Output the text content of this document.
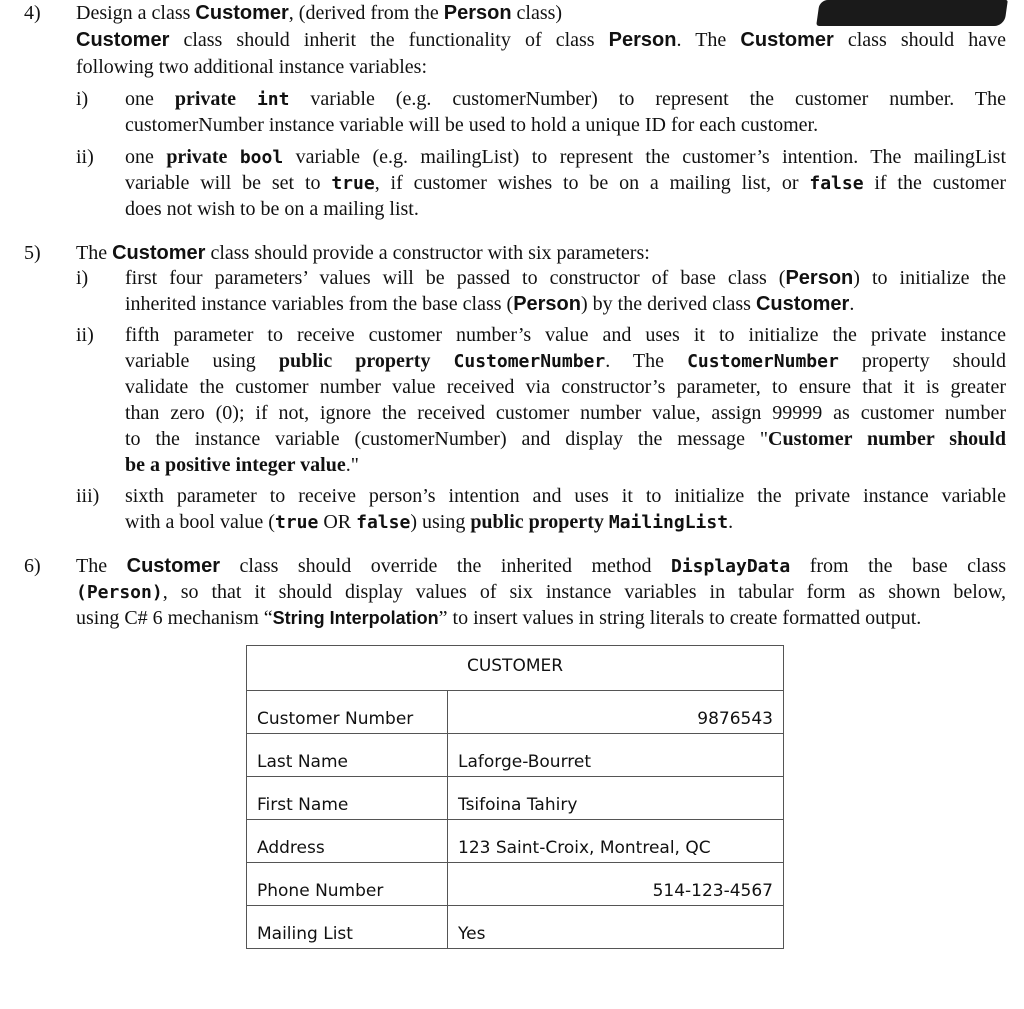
4) Design a class Customer, (derived from the Person class)
Customer class should inherit the functionality of class Person. The Customer class should have
following two additional instance variables:
i) one private int variable (e.g. customerNumber) to represent the customer number. The
customerNumber instance variable will be used to hold a unique ID for each customer.
ii) one private bool variable (e.g. mailingList) to represent the customer’s intention. The mailingList
variable will be set to true, if customer wishes to be on a mailing list, or false if the customer
does not wish to be on a mailing list.
5) The Customer class should provide a constructor with six parameters:
i) first four parameters’ values will be passed to constructor of base class (Person) to initialize the
inherited instance variables from the base class (Person) by the derived class Customer.
ii) fifth parameter to receive customer number’s value and uses it to initialize the private instance
variable using public property CustomerNumber. The CustomerNumber property should
validate the customer number value received via constructor’s parameter, to ensure that it is greater
than zero (0); if not, ignore the received customer number value, assign 99999 as customer number
to the instance variable (customerNumber) and display the message "Customer number should
be a positive integer value."
iii) sixth parameter to receive person’s intention and uses it to initialize the private instance variable
with a bool value (true OR false) using public property MailingList.
6) The Customer class should override the inherited method DisplayData from the base class
(Person), so that it should display values of six instance variables in tabular form as shown below,
using C# 6 mechanism “String Interpolation” to insert values in string literals to create formatted output.
CUSTOMER	
Customer Number	9876543
Last Name	Laforge-Bourret
First Name	Tsifoina Tahiry
Address	123 Saint-Croix, Montreal, QC
Phone Number	514-123-4567
Mailing List	Yes
